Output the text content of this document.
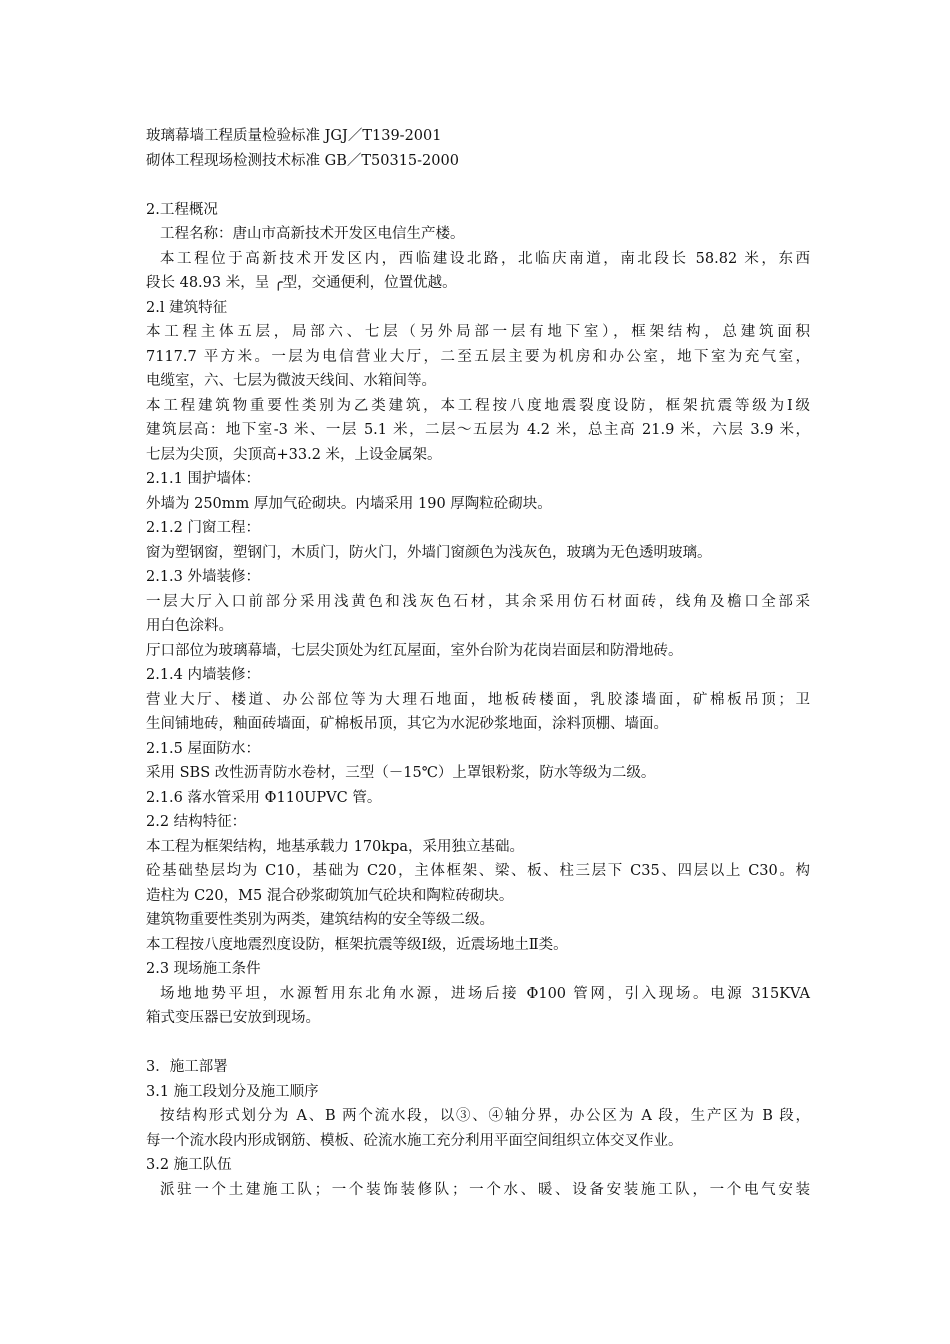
玻璃幕墙工程质量检验标准 JGJ／T139-2001
砌体工程现场检测技术标准 GB／T50315-2000
2.工程概况
工程名称：唐山市高新技术开发区电信生产楼。
本工程位于高新技术开发区内，西临建设北路，北临庆南道，南北段长 58.82 米，东西
段长 48.93 米，呈 ╭型，交通便利，位置优越。
2.l 建筑特征
本工程主体五层，局部六、七层（另外局部一层有地下室），框架结构，总建筑面积
7117.7 平方米。一层为电信营业大厅，二至五层主要为机房和办公室，地下室为充气室，
电缆室，六、七层为微波天线间、水箱间等。
本工程建筑物重要性类别为乙类建筑，本工程按八度地震裂度设防，框架抗震等级为Ⅰ级
建筑层高：地下室-3 米、一层 5.1 米，二层～五层为 4.2 米，总主高 21.9 米，六层 3.9 米，
七层为尖顶，尖顶高+33.2 米，上设金属架。
2.1.1 围护墙体：
外墙为 250mm 厚加气砼砌块。内墙采用 190 厚陶粒砼砌块。
2.1.2 门窗工程：
窗为塑钢窗，塑钢门，木质门，防火门，外墙门窗颜色为浅灰色，玻璃为无色透明玻璃。
2.1.3 外墙装修：
一层大厅入口前部分采用浅黄色和浅灰色石材，其余采用仿石材面砖，线角及檐口全部采
用白色涂料。
厅口部位为玻璃幕墙，七层尖顶处为红瓦屋面，室外台阶为花岗岩面层和防滑地砖。
2.1.4 内墙装修：
营业大厅、楼道、办公部位等为大理石地面，地板砖楼面，乳胶漆墙面，矿棉板吊顶；卫
生间铺地砖，釉面砖墙面，矿棉板吊顶，其它为水泥砂浆地面，涂料顶棚、墙面。
2.1.5 屋面防水：
采用 SBS 改性沥青防水卷材，三型（－15℃）上罩银粉浆，防水等级为二级。
2.1.6 落水管采用 Φ110UPVC 管。
2.2 结构特征：
本工程为框架结构，地基承载力 170kpa，采用独立基础。
砼基础垫层均为 C10，基础为 C20，主体框架、梁、板、柱三层下 C35、四层以上 C30。构
造柱为 C20，M5 混合砂浆砌筑加气砼块和陶粒砖砌块。
建筑物重要性类别为两类，建筑结构的安全等级二级。
本工程按八度地震烈度设防，框架抗震等级Ⅰ级，近震场地土Ⅱ类。
2.3 现场施工条件
场地地势平坦，水源暂用东北角水源，进场后接 Φ100 管网，引入现场。电源 315KVA
箱式变压器已安放到现场。
3．施工部署
3.1 施工段划分及施工顺序
按结构形式划分为 A、B 两个流水段，以③、④轴分界，办公区为 A 段，生产区为 B 段，
每一个流水段内形成钢筋、模板、砼流水施工充分利用平面空间组织立体交叉作业。
3.2 施工队伍
派驻一个土建施工队；一个装饰装修队；一个水、暖、设备安装施工队，一个电气安装
